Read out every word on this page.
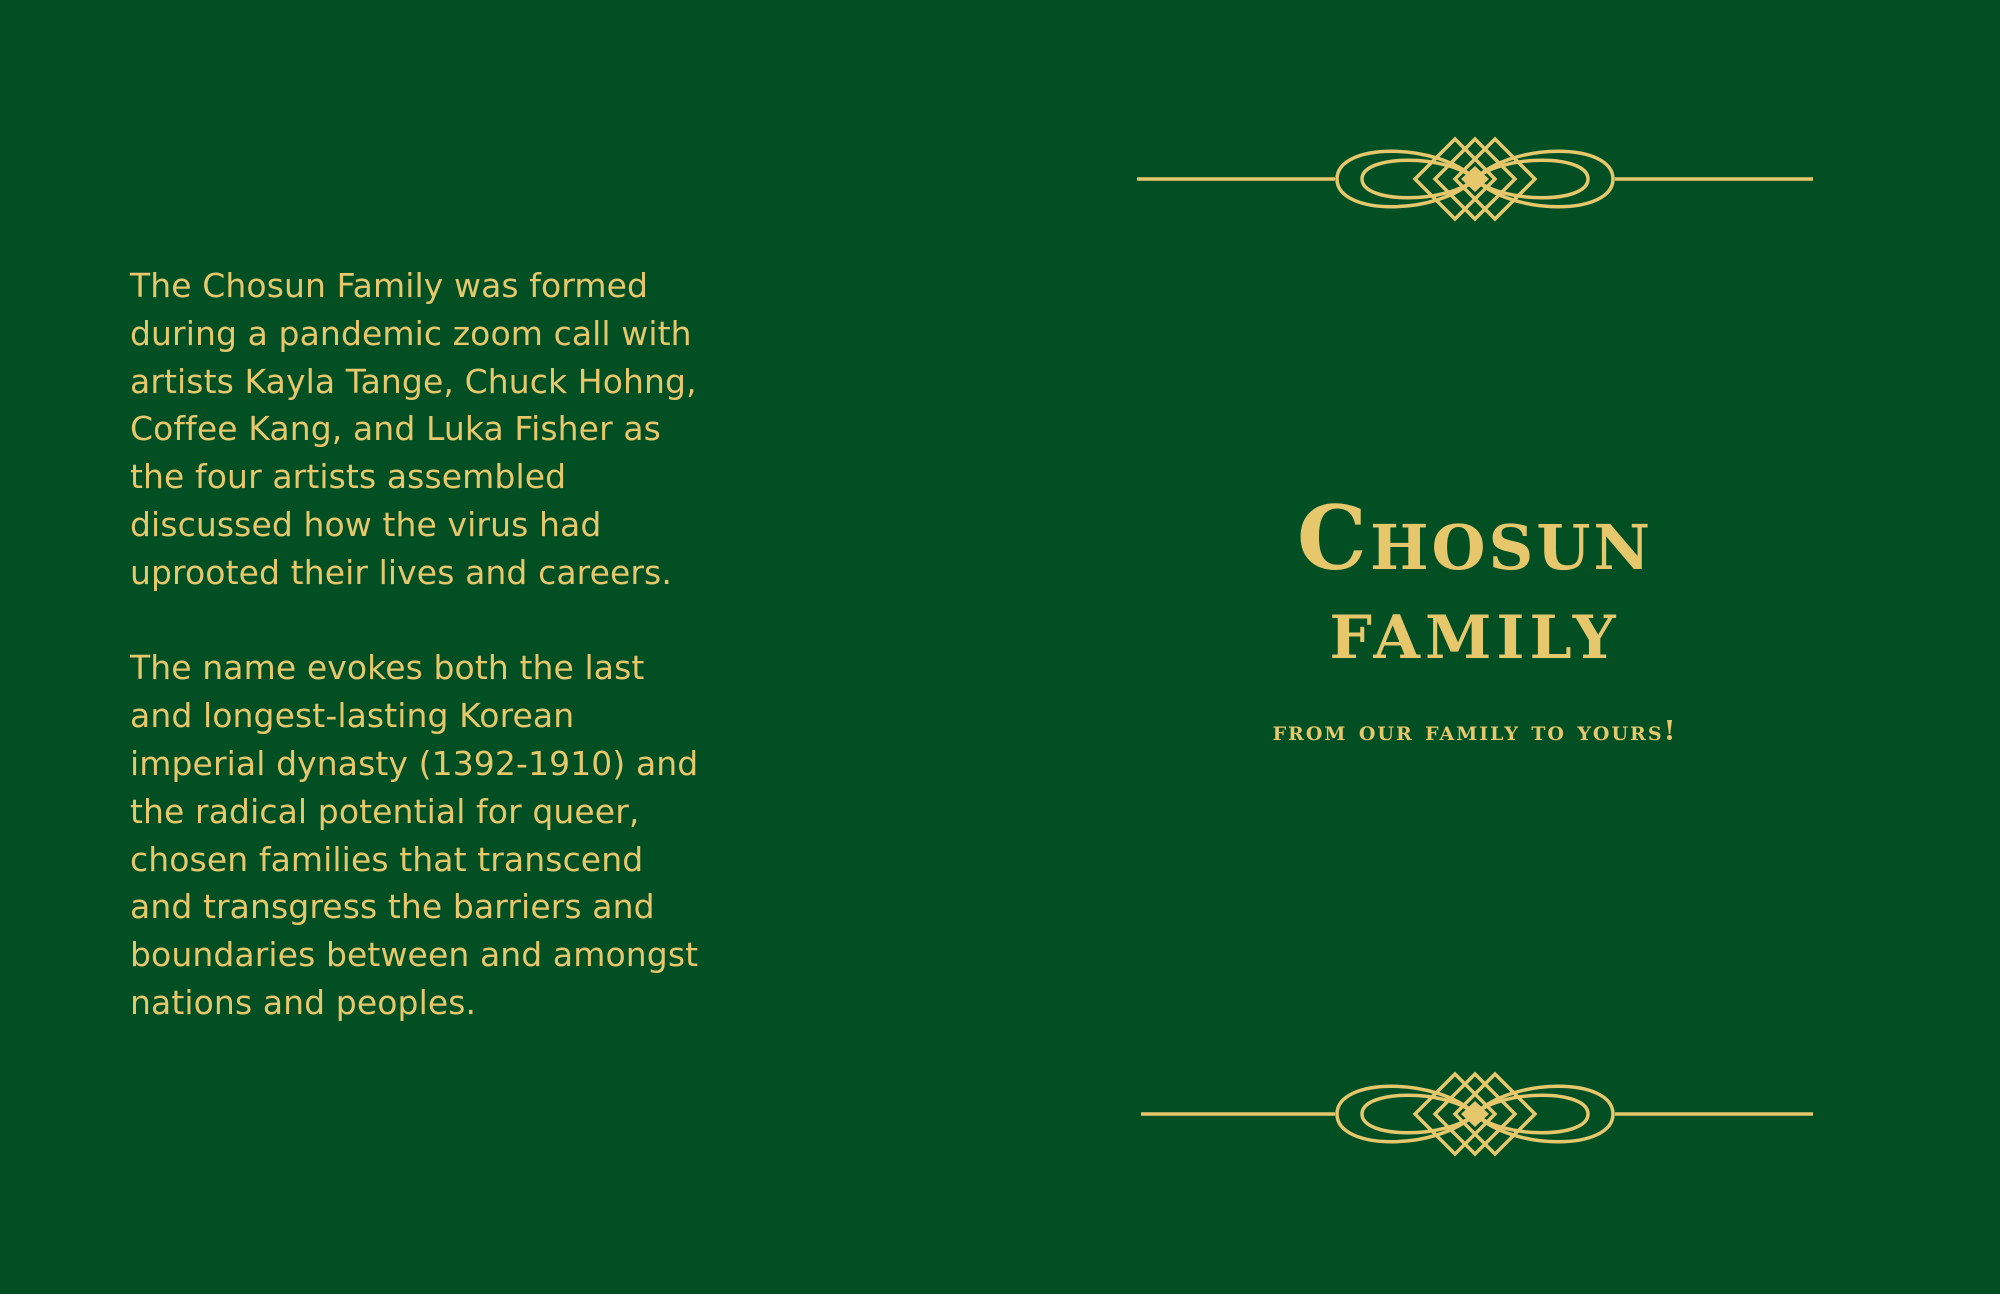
The Chosun Family was formed
during a pandemic zoom call with
artists Kayla Tange, Chuck Hohng,
Coffee Kang, and Luka Fisher as
the four artists assembled
discussed how the virus had
uprooted their lives and careers.

The name evokes both the last
and longest-lasting Korean
imperial dynasty (1392-1910) and
the radical potential for queer,
chosen families that transcend
and transgress the barriers and
boundaries between and amongst
nations and peoples.

Chosun
FAMILY
from our family to yours!
